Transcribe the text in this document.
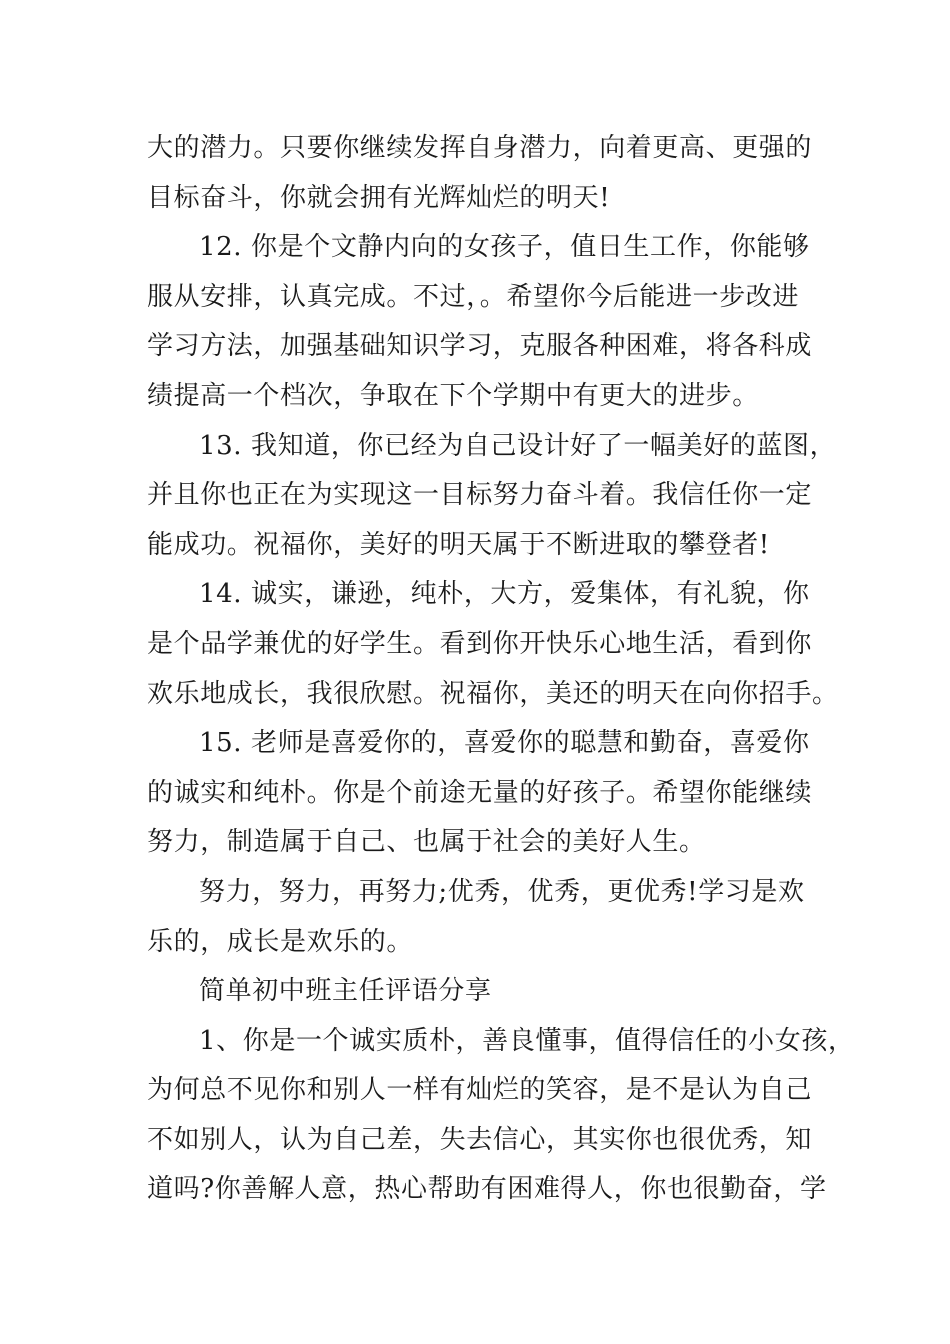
大的潜力。只要你继续发挥自身潜力，向着更高、更强的
目标奋斗，你就会拥有光辉灿烂的明天!
12. 你是个文静内向的女孩子，值日生工作，你能够
服从安排，认真完成。不过，。希望你今后能进一步改进
学习方法，加强基础知识学习，克服各种困难，将各科成
绩提高一个档次，争取在下个学期中有更大的进步。
13. 我知道，你已经为自己设计好了一幅美好的蓝图，
并且你也正在为实现这一目标努力奋斗着。我信任你一定
能成功。祝福你，美好的明天属于不断进取的攀登者!
14. 诚实，谦逊，纯朴，大方，爱集体，有礼貌，你
是个品学兼优的好学生。看到你开快乐心地生活，看到你
欢乐地成长，我很欣慰。祝福你，美还的明天在向你招手。
15. 老师是喜爱你的，喜爱你的聪慧和勤奋，喜爱你
的诚实和纯朴。你是个前途无量的好孩子。希望你能继续
努力，制造属于自己、也属于社会的美好人生。
努力，努力，再努力;优秀，优秀，更优秀!学习是欢
乐的，成长是欢乐的。
简单初中班主任评语分享
1、你是一个诚实质朴，善良懂事，值得信任的小女孩，
为何总不见你和别人一样有灿烂的笑容，是不是认为自己
不如别人，认为自己差，失去信心，其实你也很优秀，知
道吗?你善解人意，热心帮助有困难得人，你也很勤奋，学
